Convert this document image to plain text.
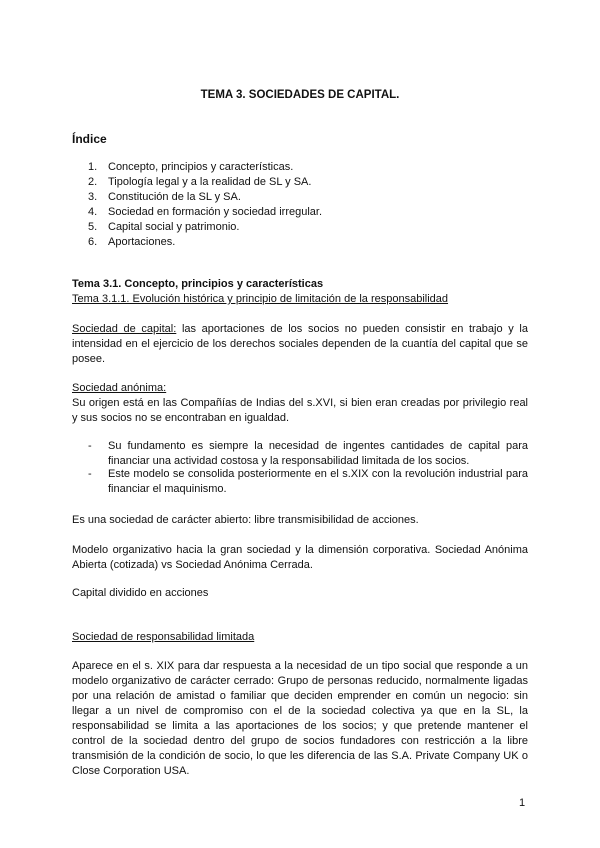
TEMA 3. SOCIEDADES DE CAPITAL.
Índice
1. Concepto, principios y características.
2. Tipología legal y a la realidad de SL y SA.
3. Constitución de la SL y SA.
4. Sociedad en formación y sociedad irregular.
5. Capital social y patrimonio.
6. Aportaciones.
Tema 3.1. Concepto, principios y características
Tema 3.1.1. Evolución histórica y principio de limitación de la responsabilidad
Sociedad de capital: las aportaciones de los socios no pueden consistir en trabajo y la intensidad en el ejercicio de los derechos sociales dependen de la cuantía del capital que se posee.
Sociedad anónima:
Su origen está en las Compañías de Indias del s.XVI, si bien eran creadas por privilegio real y sus socios no se encontraban en igualdad.
- Su fundamento es siempre la necesidad de ingentes cantidades de capital para financiar una actividad costosa y la responsabilidad limitada de los socios.
- Este modelo se consolida posteriormente en el s.XIX con la revolución industrial para financiar el maquinismo.
Es una sociedad de carácter abierto: libre transmisibilidad de acciones.
Modelo organizativo hacia la gran sociedad y la dimensión corporativa. Sociedad Anónima Abierta (cotizada) vs Sociedad Anónima Cerrada.
Capital dividido en acciones
Sociedad de responsabilidad limitada
Aparece en el s. XIX para dar respuesta a la necesidad de un tipo social que responde a un modelo organizativo de carácter cerrado: Grupo de personas reducido, normalmente ligadas por una relación de amistad o familiar que deciden emprender en común un negocio: sin llegar a un nivel de compromiso con el de la sociedad colectiva ya que en la SL, la responsabilidad se limita a las aportaciones de los socios; y que pretende mantener el control de la sociedad dentro del grupo de socios fundadores con restricción a la libre transmisión de la condición de socio, lo que les diferencia de las S.A. Private Company UK o Close Corporation USA.
1
